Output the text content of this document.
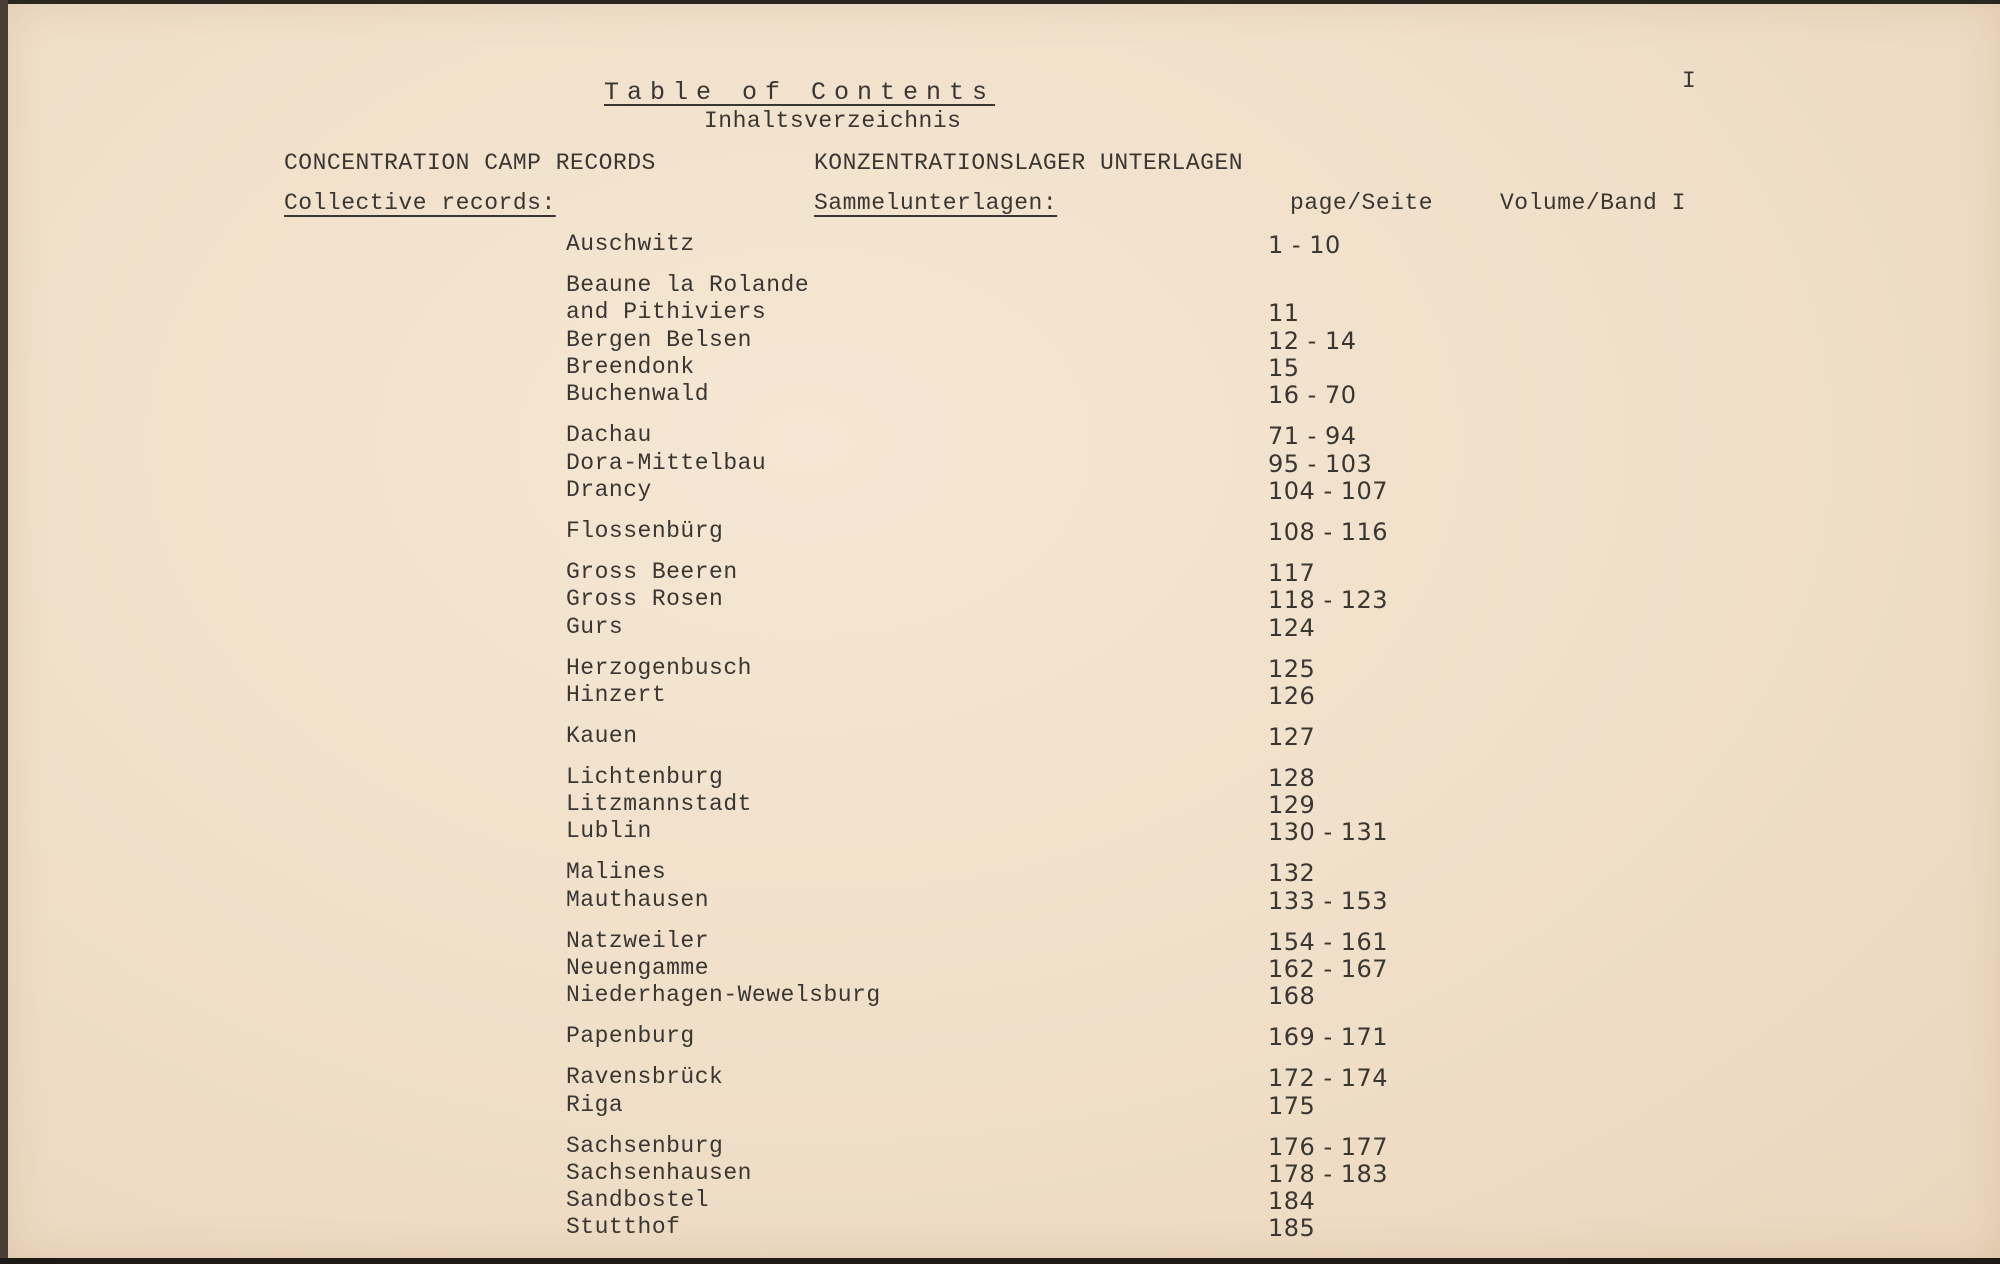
Table of Contents
Inhaltsverzeichnis
I
CONCENTRATION CAMP RECORDS	KONZENTRATIONSLAGER UNTERLAGEN
Collective records:	Sammelunterlagen:	page/Seite	Volume/Band I
Auschwitz	1 - 10
Beaune la Rolande
and Pithiviers	11
Bergen Belsen	12 - 14
Breendonk	15
Buchenwald	16 - 70
Dachau	71 - 94
Dora-Mittelbau	95 - 103
Drancy	104 - 107
Flossenbürg	108 - 116
Gross Beeren	117
Gross Rosen	118 - 123
Gurs	124
Herzogenbusch	125
Hinzert	126
Kauen	127
Lichtenburg	128
Litzmannstadt	129
Lublin	130 - 131
Malines	132
Mauthausen	133 - 153
Natzweiler	154 - 161
Neuengamme	162 - 167
Niederhagen-Wewelsburg	168
Papenburg	169 - 171
Ravensbrück	172 - 174
Riga	175
Sachsenburg	176 - 177
Sachsenhausen	178 - 183
Sandbostel	184
Stutthof	185
